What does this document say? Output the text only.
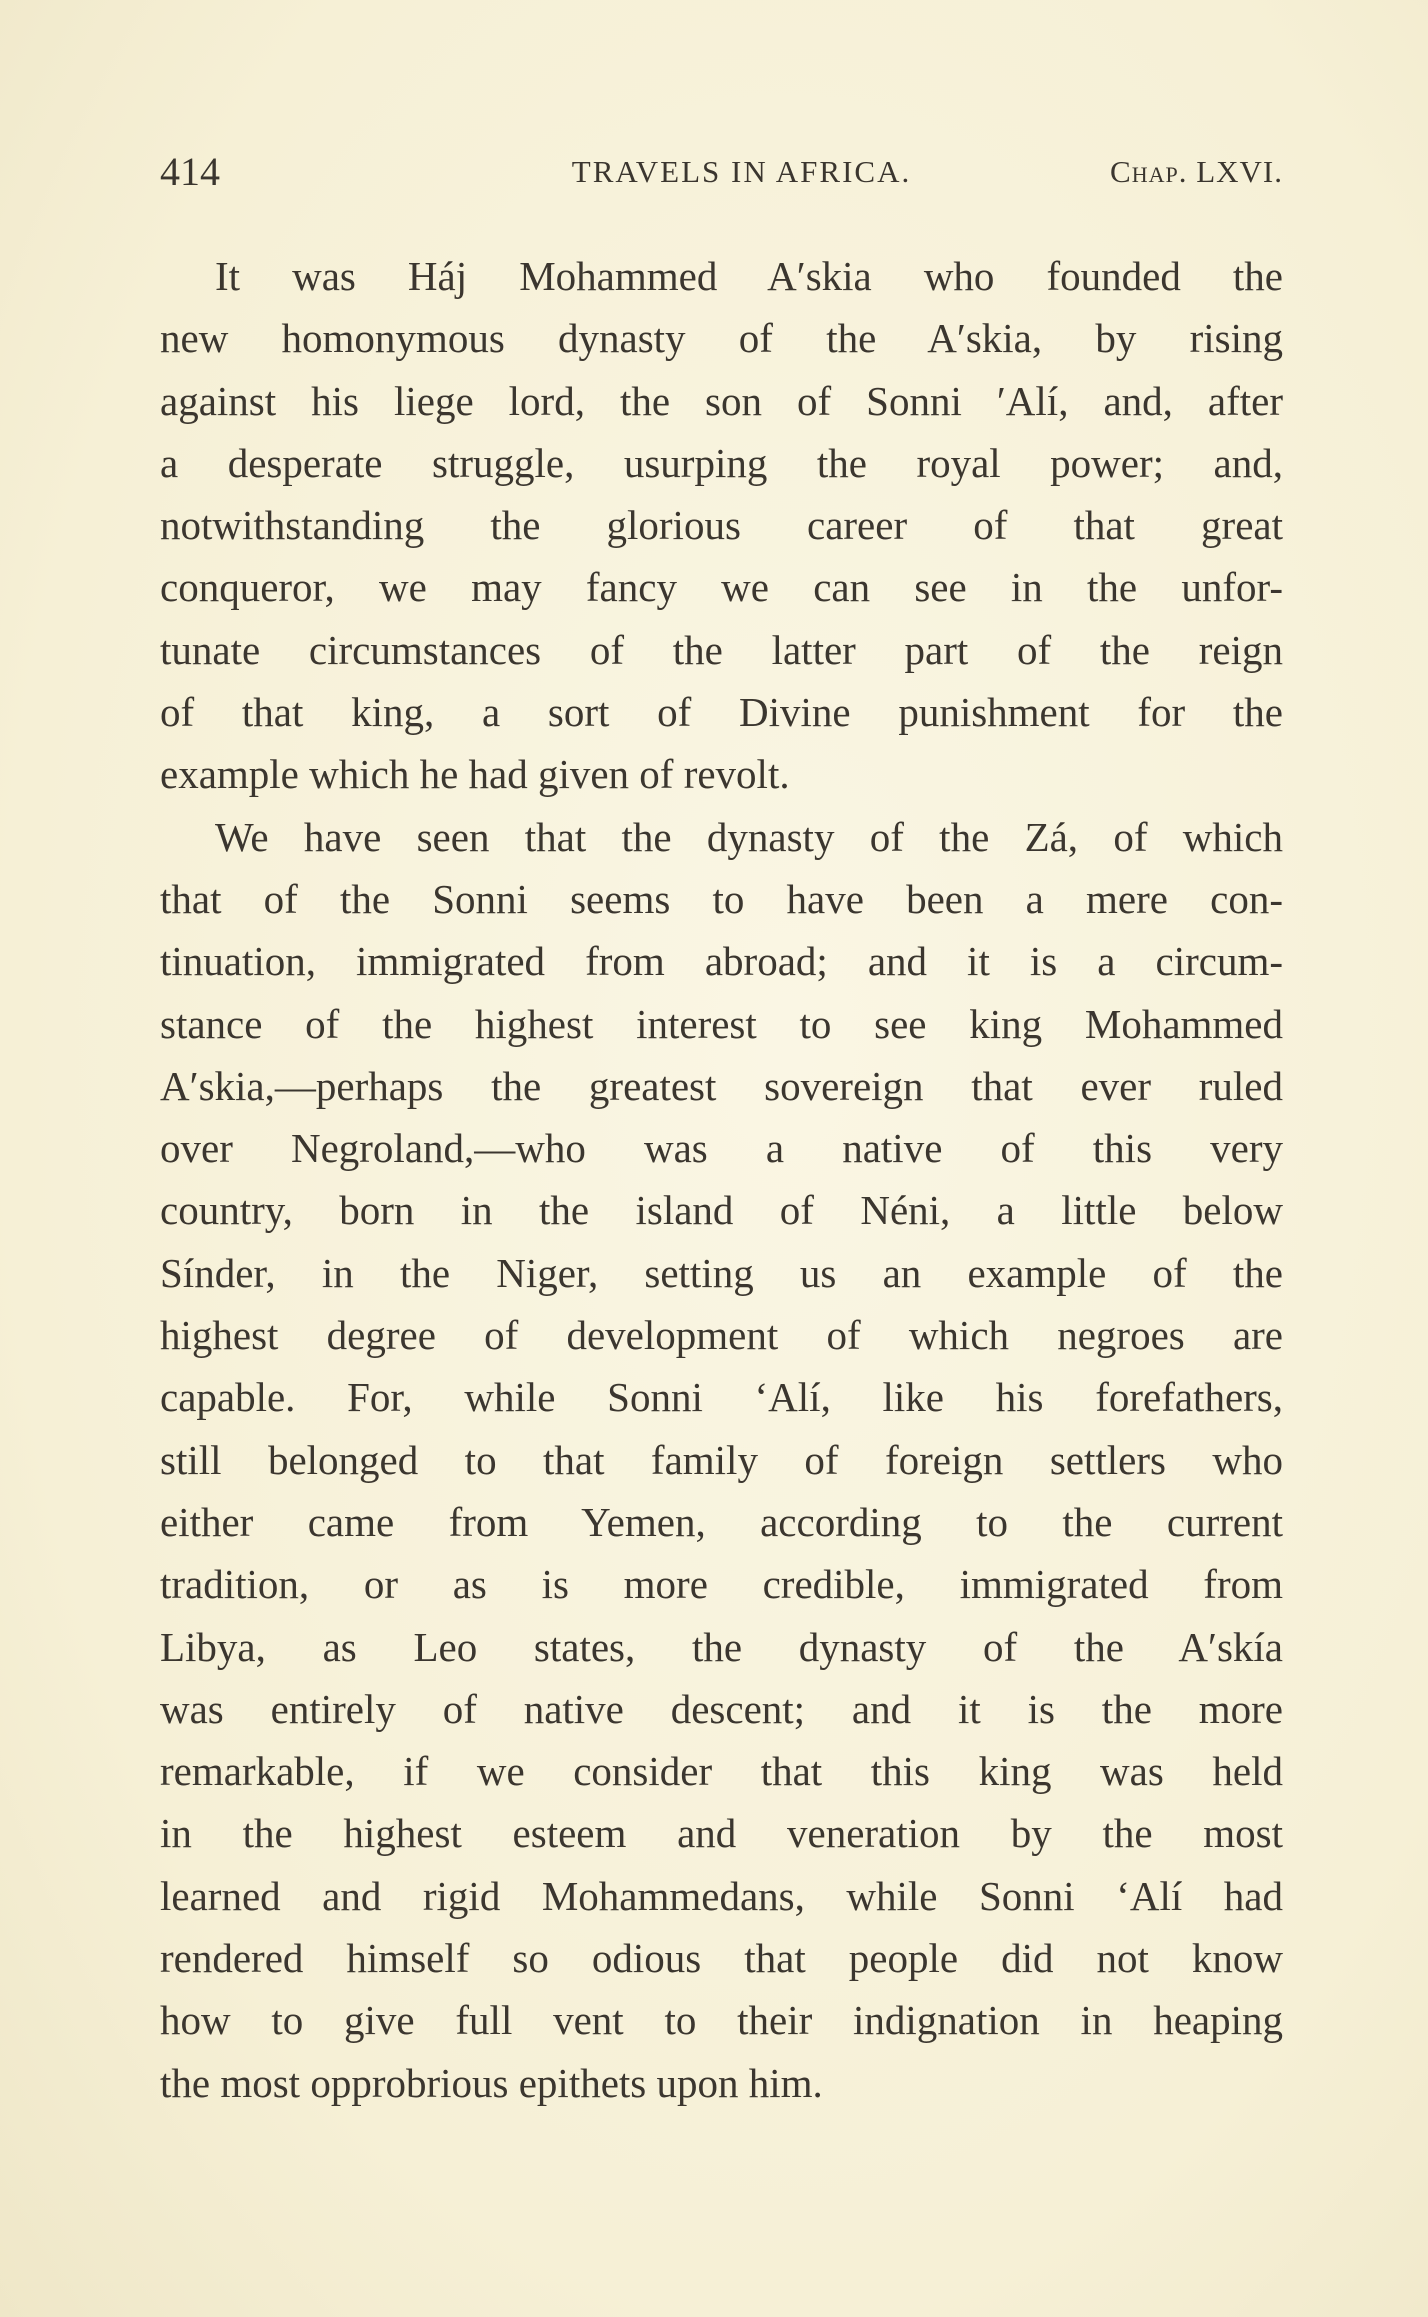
414	TRAVELS IN AFRICA.	Chap. LXVI.
It was Háj Mohammed A′skia who founded the
new homonymous dynasty of the A′skia, by rising
against his liege lord, the son of Sonni ′Alí, and, after
a desperate struggle, usurping the royal power; and,
notwithstanding the glorious career of that great
conqueror, we may fancy we can see in the unfor-
tunate circumstances of the latter part of the reign
of that king, a sort of Divine punishment for the
example which he had given of revolt.
We have seen that the dynasty of the Zá, of which
that of the Sonni seems to have been a mere con-
tinuation, immigrated from abroad; and it is a circum-
stance of the highest interest to see king Mohammed
A′skia,—perhaps the greatest sovereign that ever ruled
over Negroland,—who was a native of this very
country, born in the island of Néni, a little below
Sínder, in the Niger, setting us an example of the
highest degree of development of which negroes are
capable. For, while Sonni ‘Alí, like his forefathers,
still belonged to that family of foreign settlers who
either came from Yemen, according to the current
tradition, or as is more credible, immigrated from
Libya, as Leo states, the dynasty of the A′skía
was entirely of native descent; and it is the more
remarkable, if we consider that this king was held
in the highest esteem and veneration by the most
learned and rigid Mohammedans, while Sonni ‘Alí had
rendered himself so odious that people did not know
how to give full vent to their indignation in heaping
the most opprobrious epithets upon him.
